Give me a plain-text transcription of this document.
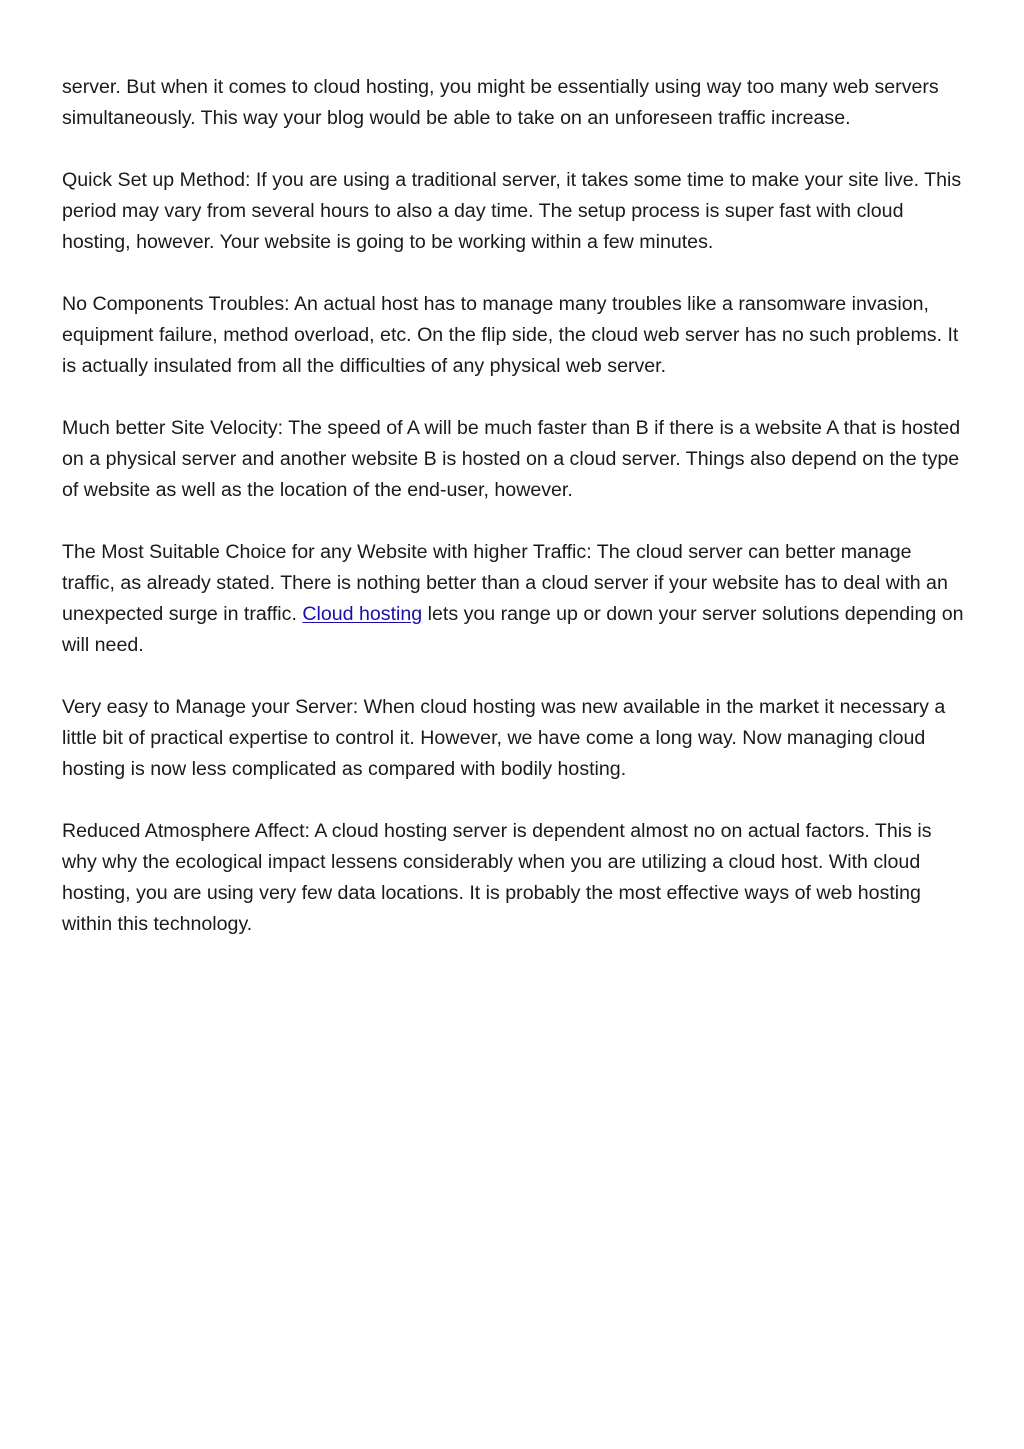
server. But when it comes to cloud hosting, you might be essentially using way too many web servers simultaneously. This way your blog would be able to take on an unforeseen traffic increase.

Quick Set up Method: If you are using a traditional server, it takes some time to make your site live. This period may vary from several hours to also a day time. The setup process is super fast with cloud hosting, however. Your website is going to be working within a few minutes.

No Components Troubles: An actual host has to manage many troubles like a ransomware invasion, equipment failure, method overload, etc. On the flip side, the cloud web server has no such problems. It is actually insulated from all the difficulties of any physical web server.

Much better Site Velocity: The speed of A will be much faster than B if there is a website A that is hosted on a physical server and another website B is hosted on a cloud server. Things also depend on the type of website as well as the location of the end-user, however.

The Most Suitable Choice for any Website with higher Traffic: The cloud server can better manage traffic, as already stated. There is nothing better than a cloud server if your website has to deal with an unexpected surge in traffic. Cloud hosting lets you range up or down your server solutions depending on will need.

Very easy to Manage your Server: When cloud hosting was new available in the market it necessary a little bit of practical expertise to control it. However, we have come a long way. Now managing cloud hosting is now less complicated as compared with bodily hosting.

Reduced Atmosphere Affect: A cloud hosting server is dependent almost no on actual factors. This is why why the ecological impact lessens considerably when you are utilizing a cloud host. With cloud hosting, you are using very few data locations. It is probably the most effective ways of web hosting within this technology.
